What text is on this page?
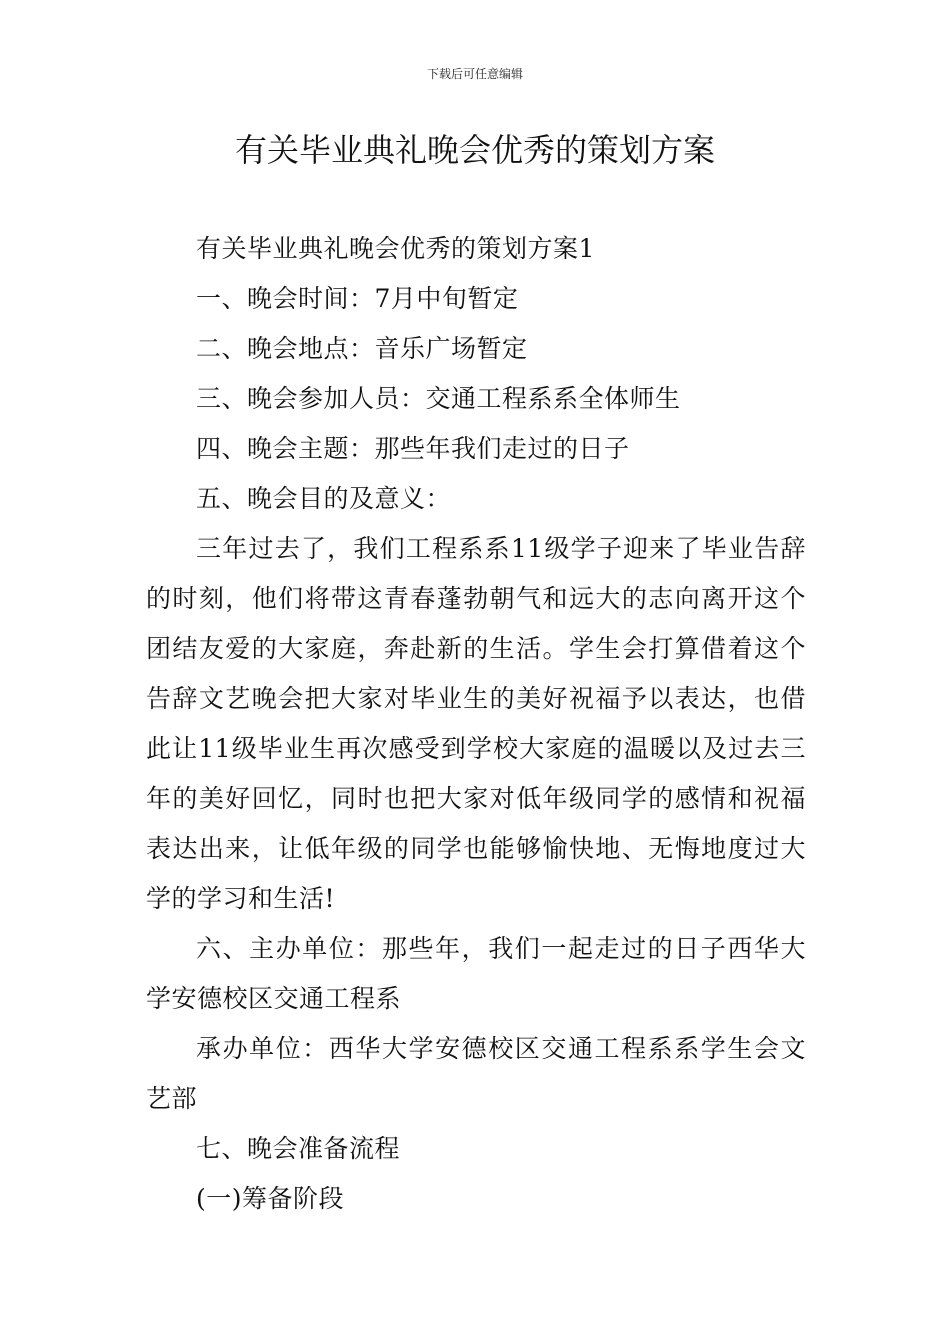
下载后可任意编辑
有关毕业典礼晚会优秀的策划方案

有关毕业典礼晚会优秀的策划方案1

一、晚会时间：7月中旬暂定

二、晚会地点：音乐广场暂定

三、晚会参加人员：交通工程系系全体师生

四、晚会主题：那些年我们走过的日子

五、晚会目的及意义：

三年过去了，我们工程系系11级学子迎来了毕业告辞的时刻，他们将带这青春蓬勃朝气和远大的志向离开这个团结友爱的大家庭，奔赴新的生活。学生会打算借着这个告辞文艺晚会把大家对毕业生的美好祝福予以表达，也借此让11级毕业生再次感受到学校大家庭的温暖以及过去三年的美好回忆，同时也把大家对低年级同学的感情和祝福表达出来，让低年级的同学也能够愉快地、无悔地度过大学的学习和生活!

六、主办单位：那些年，我们一起走过的日子西华大学安德校区交通工程系

承办单位：西华大学安德校区交通工程系系学生会文艺部

七、晚会准备流程

(一)筹备阶段
